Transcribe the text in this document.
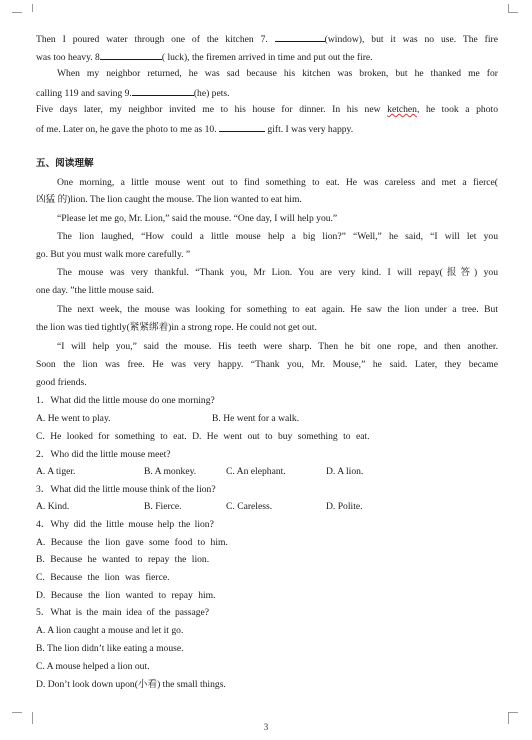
Then I poured water through one of the kitchen 7.	(window), but it was no use. The fire
was too heavy. 8	( luck), the firemen arrived in time and put out the fire.
When my neighbor returned, he was sad because his kitchen was broken, but he thanked me for
calling 119 and saving 9.	(he) pets.
Five days later, my neighbor invited me to his house for dinner. In his new ketchen, he took a photo
of me. Later on, he gave the photo to me as 10.	gift. I was very happy.
五、阅读理解
One morning, a little mouse went out to find something to eat. He was careless and met a fierce(
凶猛 的)lion. The lion caught the mouse. The lion wanted to eat him.
“Please let me go, Mr. Lion,” said the mouse. “One day, I will help you.”
The lion laughed, “How could a little mouse help a big lion?” “Well,” he said, “I will let you
go. But you must walk more carefully. ”
The mouse was very thankful. “Thank you, Mr Lion. You are very kind. I will repay(报答) you
one day. ”the little mouse said.
The next week, the mouse was looking for something to eat again. He saw the lion under a tree. But
the lion was tied tightly(紧紧绑着)in a strong rope. He could not get out.
“I will help you,” said the mouse. His teeth were sharp. Then he bit one rope, and then another.
Soon the lion was free. He was very happy. “Thank you, Mr. Mouse,” he said. Later, they became
good friends.
1．What did the little mouse do one morning?
A. He went to play.	B. He went for a walk.
C. He looked for something to eat. D. He went out to buy something to eat.
2．Who did the little mouse meet?
A. A tiger.	B. A monkey.	C. An elephant.	D. A lion.
3．What did the little mouse think of the lion?
A. Kind.	B. Fierce.	C. Careless.	D. Polite.
4．Why did the little mouse help the lion?
A. Because the lion gave some food to him.
B. Because he wanted to repay the lion.
C. Because the lion was fierce.
D. Because the lion wanted to repay him.
5．What is the main idea of the passage?
A. A lion caught a mouse and let it go.
B. The lion didn’t like eating a mouse.
C. A mouse helped a lion out.
D. Don’t look down upon(小看) the small things.
3
